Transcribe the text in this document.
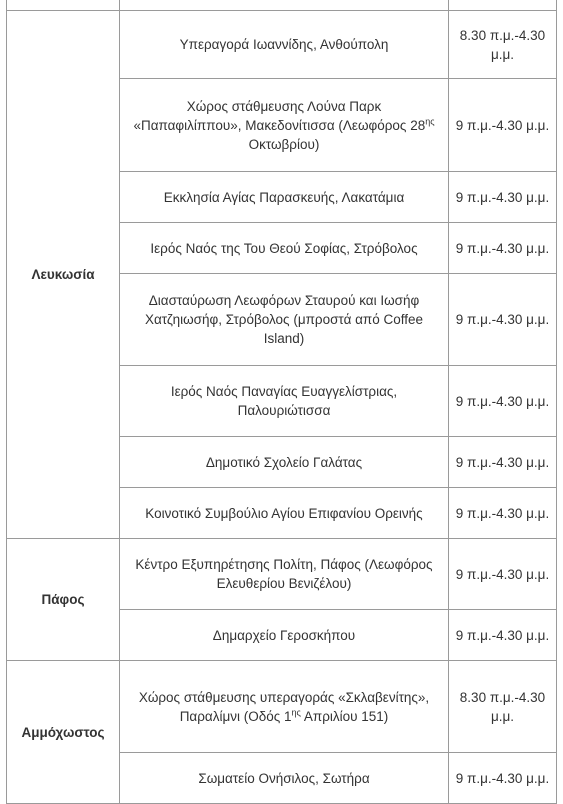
Λευκωσία	Υπεραγορά Ιωαννίδης, Ανθούπολη	8.30 π.μ.-4.30 μ.μ.
	Χώρος στάθμευσης Λούνα Παρκ «Παπαφιλίππου», Μακεδονίτισσα (Λεωφόρος $28^{\eta\varsigma}$ Οκτωβρίου)	9 π.μ.-4.30 μ.μ.
	Εκκλησία Αγίας Παρασκευής, Λακατάμια	9 π.μ.-4.30 μ.μ.
	Ιερός Ναός της Του Θεού Σοφίας, Στρόβολος	9 π.μ.-4.30 μ.μ.
	Διασταύρωση Λεωφόρων Σταυρού και Ιωσήφ Χατζηιωσήφ, Στρόβολος (μπροστά από Coffee Island)	9 π.μ.-4.30 μ.μ.
	Ιερός Ναός Παναγίας Ευαγγελίστριας, Παλουριώτισσα	9 π.μ.-4.30 μ.μ.
	Δημοτικό Σχολείο Γαλάτας	9 π.μ.-4.30 μ.μ.
	Κοινοτικό Συμβούλιο Αγίου Επιφανίου Ορεινής	9 π.μ.-4.30 μ.μ.
Πάφος	Κέντρο Εξυπηρέτησης Πολίτη, Πάφος (Λεωφόρος Ελευθερίου Βενιζέλου)	9 π.μ.-4.30 μ.μ.
	Δημαρχείο Γεροσκήπου	9 π.μ.-4.30 μ.μ.
Αμμόχωστος	Χώρος στάθμευσης υπεραγοράς «Σκλαβενίτης», Παραλίμνι (Οδός $1^{\eta\varsigma}$ Απριλίου 151)	8.30 π.μ.-4.30 μ.μ.
	Σωματείο Ονήσιλος, Σωτήρα	9 π.μ.-4.30 μ.μ.
